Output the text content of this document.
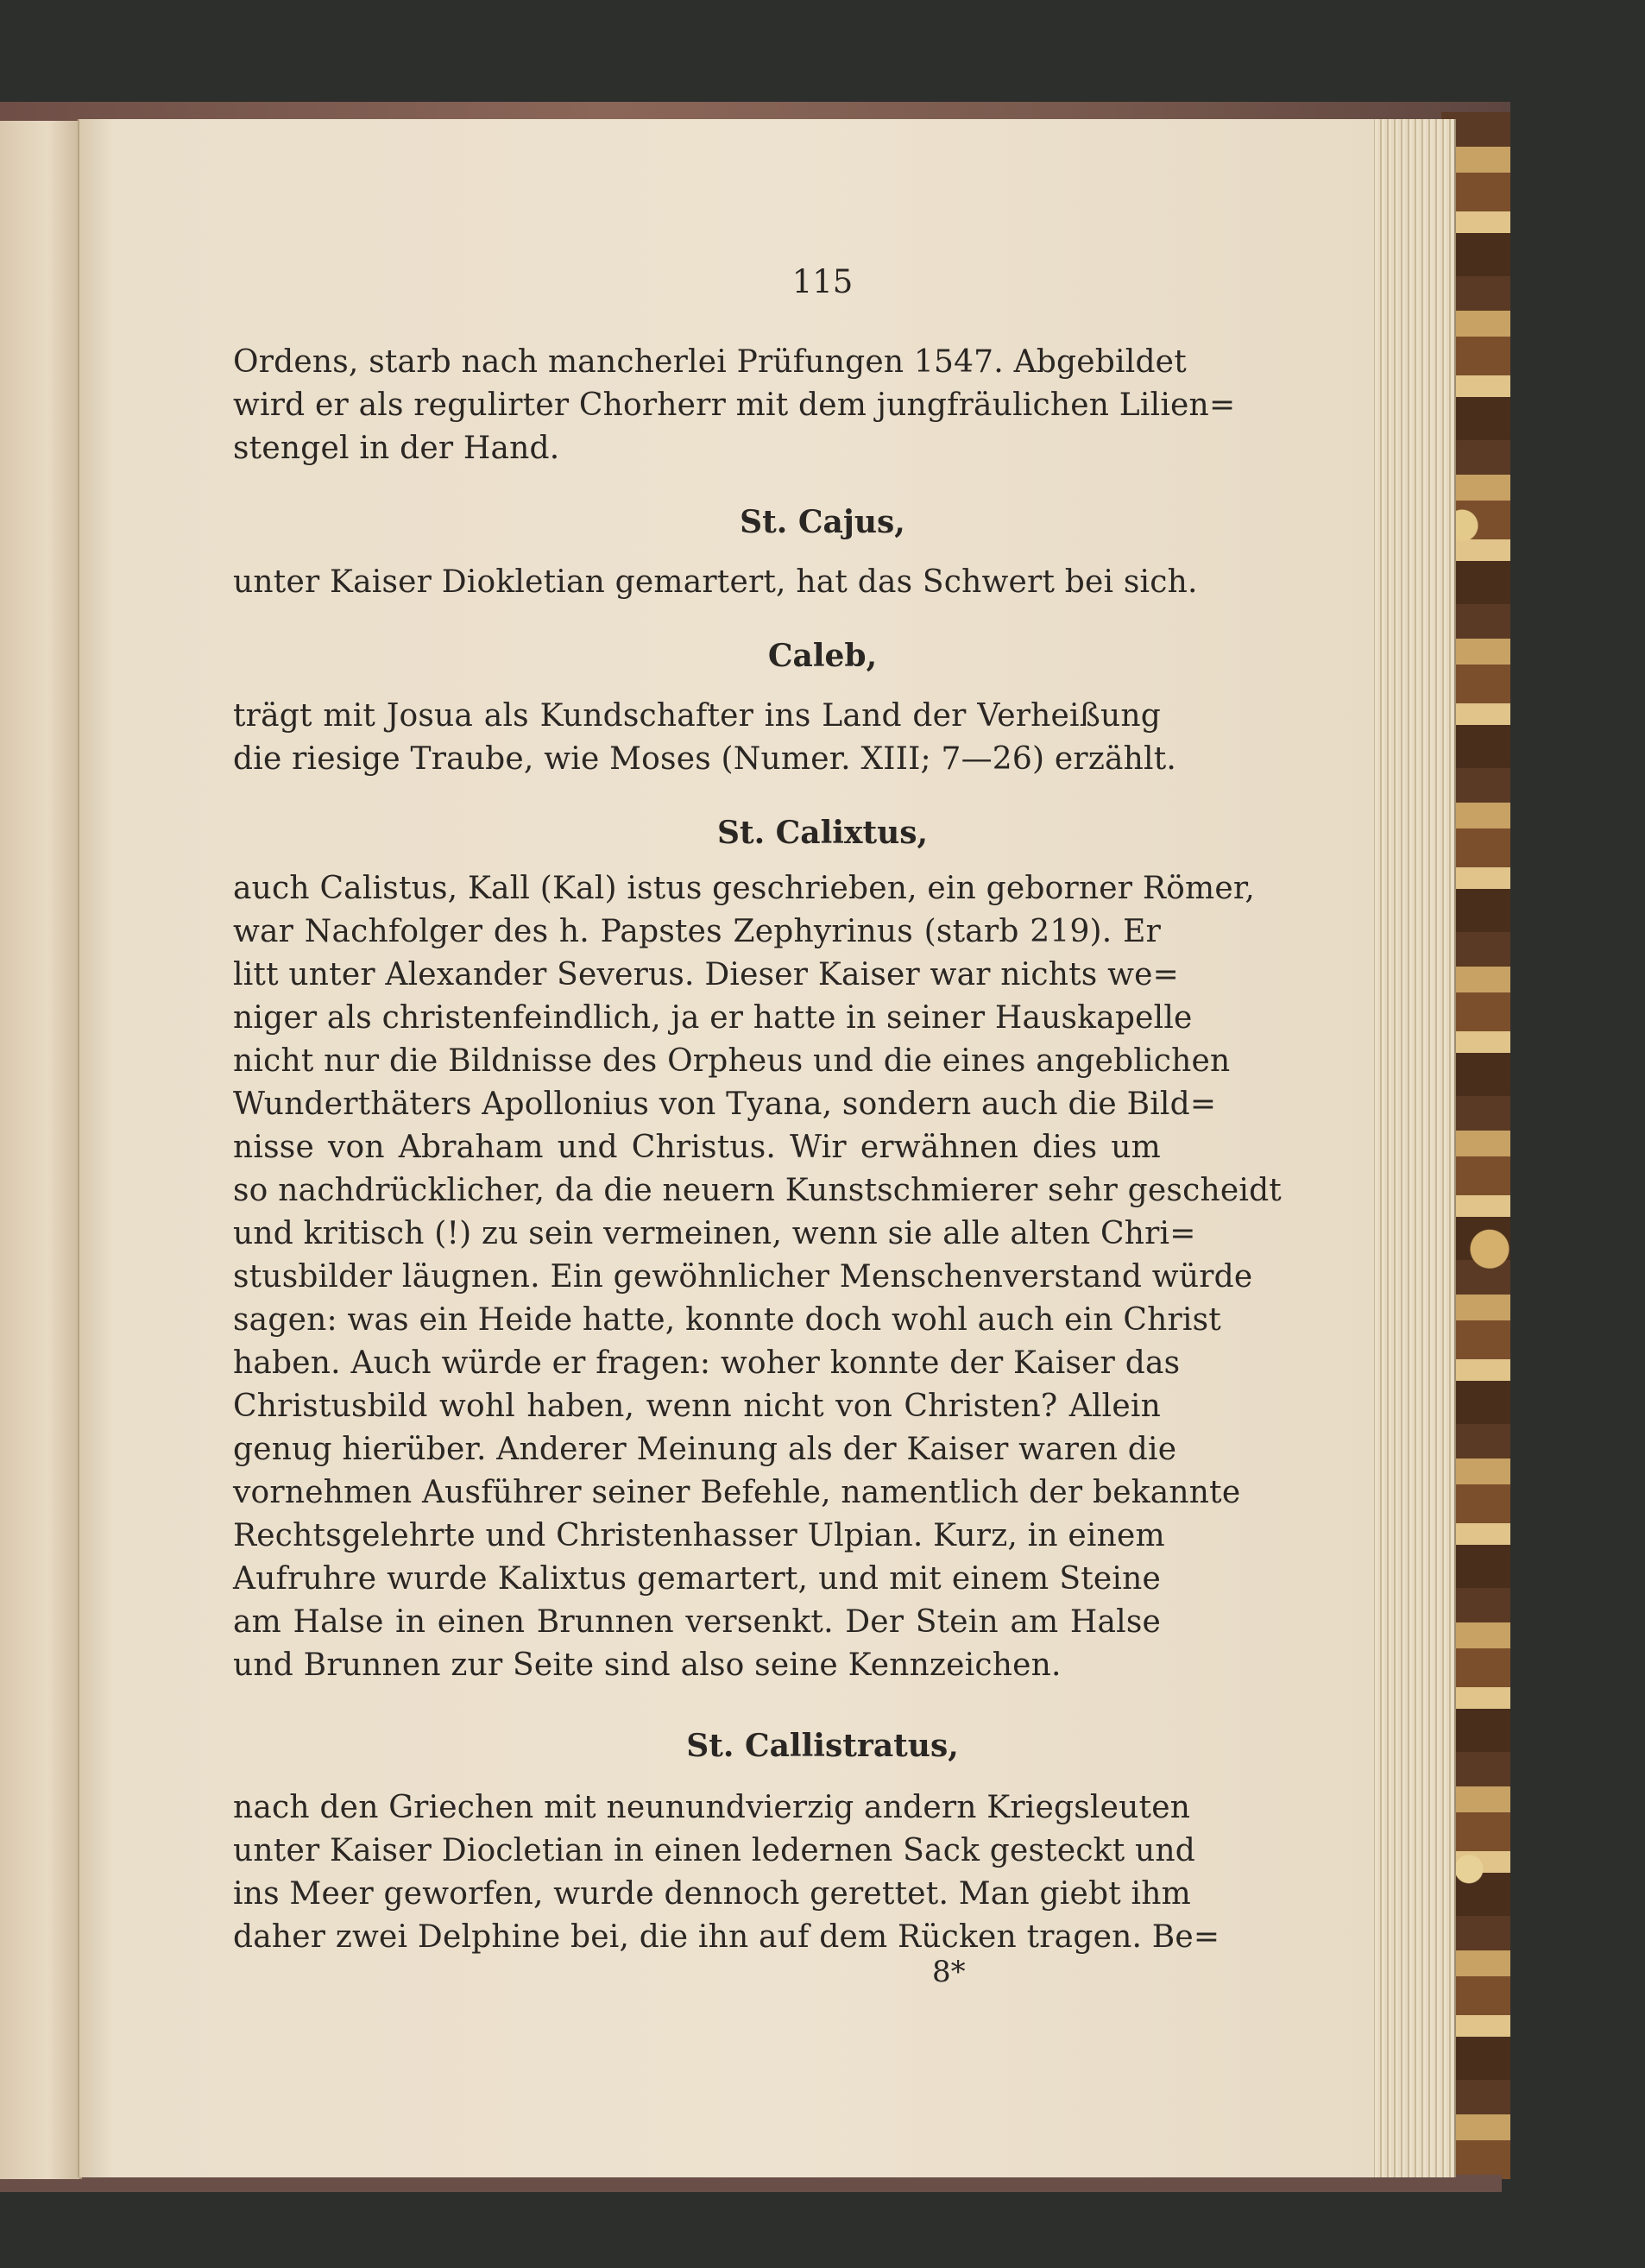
115
Ordens, starb nach mancherlei Prüfungen 1547. Abgebildet
wird er als regulirter Chorherr mit dem jungfräulichen Lilien=
stengel in der Hand.
St. Cajus,
unter Kaiser Diokletian gemartert, hat das Schwert bei sich.
Caleb,
trägt mit Josua als Kundschafter ins Land der Verheißung
die riesige Traube, wie Moses (Numer. XIII; 7—26) erzählt.
St. Calixtus,
auch Calistus, Kall (Kal) istus geschrieben, ein geborner Römer,
war Nachfolger des h. Papstes Zephyrinus (starb 219). Er
litt unter Alexander Severus. Dieser Kaiser war nichts we=
niger als christenfeindlich, ja er hatte in seiner Hauskapelle
nicht nur die Bildnisse des Orpheus und die eines angeblichen
Wunderthäters Apollonius von Tyana, sondern auch die Bild=
nisse von Abraham und Christus. Wir erwähnen dies um
so nachdrücklicher, da die neuern Kunstschmierer sehr gescheidt
und kritisch (!) zu sein vermeinen, wenn sie alle alten Chri=
stusbilder läugnen. Ein gewöhnlicher Menschenverstand würde
sagen: was ein Heide hatte, konnte doch wohl auch ein Christ
haben. Auch würde er fragen: woher konnte der Kaiser das
Christusbild wohl haben, wenn nicht von Christen? Allein
genug hierüber. Anderer Meinung als der Kaiser waren die
vornehmen Ausführer seiner Befehle, namentlich der bekannte
Rechtsgelehrte und Christenhasser Ulpian. Kurz, in einem
Aufruhre wurde Kalixtus gemartert, und mit einem Steine
am Halse in einen Brunnen versenkt. Der Stein am Halse
und Brunnen zur Seite sind also seine Kennzeichen.
St. Callistratus,
nach den Griechen mit neunundvierzig andern Kriegsleuten
unter Kaiser Diocletian in einen ledernen Sack gesteckt und
ins Meer geworfen, wurde dennoch gerettet. Man giebt ihm
daher zwei Delphine bei, die ihn auf dem Rücken tragen. Be=
8*
